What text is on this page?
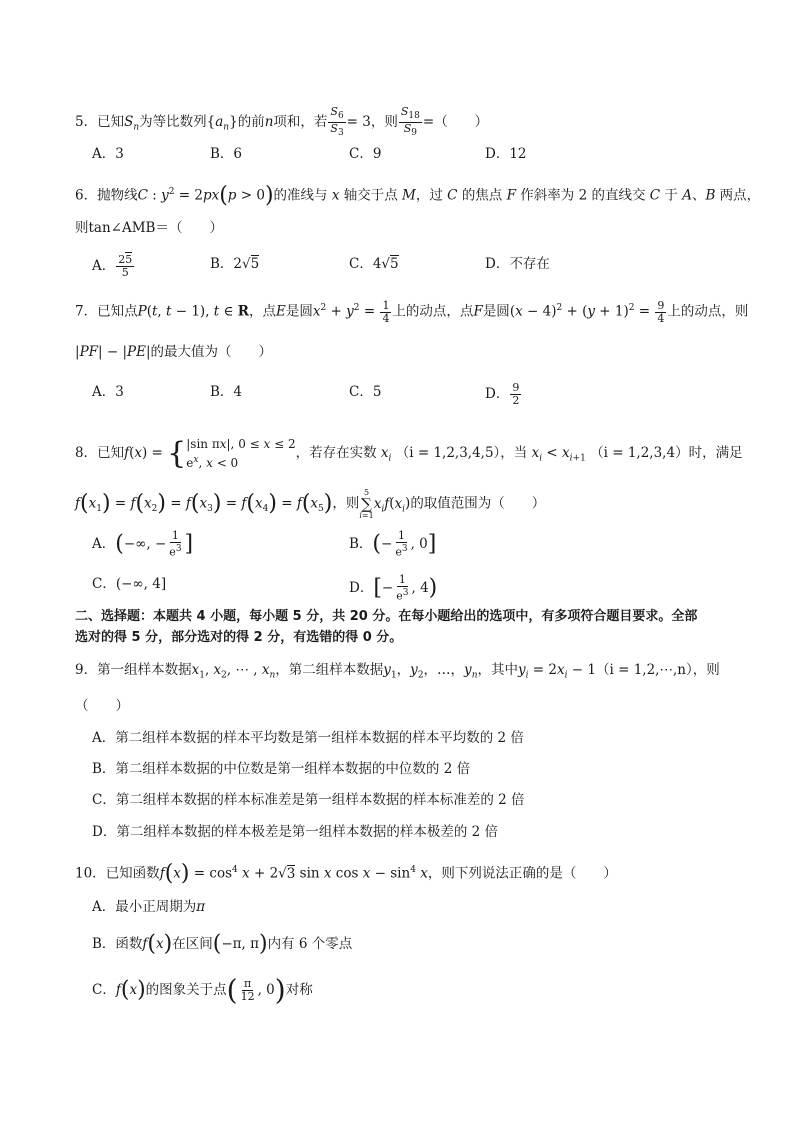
5．已知$S_n$为等比数列$\{a_n\}$的前n项和，若 $\frac{S_6}{S_3} = 3$，则 $\frac{S_{18}}{S_9}$ =（　　）
A．3	B．6	C．9	D．12
6．抛物线C : $y^2 = 2px(p > 0)$的准线与 x 轴交于点 M，过 C 的焦点 F 作斜率为 2 的直线交 C 于 A、B 两点，
则tan∠AMB＝（　　）
A． $\frac{25}{5}$	B．2√5	C．4√5	D．不存在
7．已知点P(t, t − 1), t ∈ R，点E是圆$x^2 + y^2 = \frac{1}{4}$ 上的动点，点F是圆$(x - 4)^2 + (y + 1)^2 = \frac{9}{4}$ 上的动点，则
|PF| − |PE|的最大值为（　　）
A．3	B．4	C．5	D． $\frac{9}{2}$
8．已知f(x) = { |sin πx|, 0 ≤ x ≤ 2
$e^x$, x < 0
，若存在实数 $x_i$ （i = 1,2,3,4,5），当 $x_i < x_{i+1}$ （i = 1,2,3,4）时，满足
$f(x_1) = f(x_2) = f(x_3) = f(x_4) = f(x_5)$，则
5
∑
i=1
$x_if(x_i)$的取值范围为（　　）
A．(−∞, − $\frac{1}{e^3}$ ]	B．(− $\frac{1}{e^3}$ , 0]
C．(−∞, 4]	D．[− $\frac{1}{e^3}$ , 4)
二、选择题：本题共 4 小题，每小题 5 分，共 20 分。在每小题给出的选项中，有多项符合题目要求。全部
选对的得 5 分，部分选对的得 2 分，有选错的得 0 分。
9．第一组样本数据$x_1$, $x_2$, ⋯ , $x_n$，第二组样本数据$y_1$，$y_2$，…，$y_n$，其中$y_i = 2x_i - 1(i$ = 1,2,⋯,n），则
（　　）
A．第二组样本数据的样本平均数是第一组样本数据的样本平均数的 2 倍
B．第二组样本数据的中位数是第一组样本数据的中位数的 2 倍
C．第二组样本数据的样本标准差是第一组样本数据的样本标准差的 2 倍
D．第二组样本数据的样本极差是第一组样本数据的样本极差的 2 倍
10．已知函数$f(x) = \cos^4 x + 2√3$ sin x $\cos x - \sin^4 x$，则下列说法正确的是（　　）
A．最小正周期为π
B．函数f(x)在区间(−π, π)内有 6 个零点
C．f(x)的图象关于点( $\frac{\pi}{12}$ , 0)对称
